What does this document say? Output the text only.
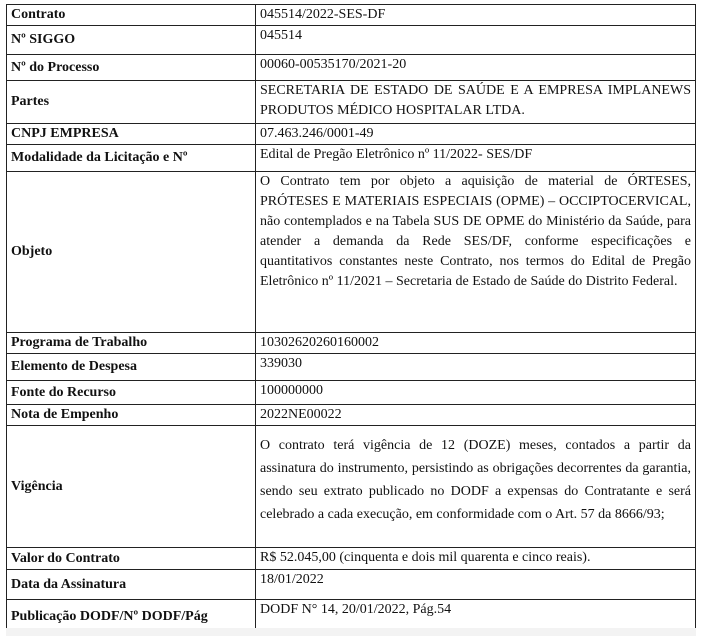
Contrato	045514/2022-SES-DF
Nº SIGGO	045514
Nº do Processo	00060-00535170/2021-20
Partes	SECRETARIA DE ESTADO DE SAÚDE E A EMPRESA IMPLANEWS PRODUTOS MÉDICO HOSPITALAR LTDA.
CNPJ EMPRESA	07.463.246/0001-49
Modalidade da Licitação e Nº	Edital de Pregão Eletrônico nº 11/2022- SES/DF
Objeto	O Contrato tem por objeto a aquisição de material de ÓRTESES, PRÓTESES E MATERIAIS ESPECIAIS (OPME) – OCCIPTOCERVICAL, não contemplados e na Tabela SUS DE OPME do Ministério da Saúde, para atender a demanda da Rede SES/DF, conforme especificações e quantitativos constantes neste Contrato, nos termos do Edital de Pregão Eletrônico nº 11/2021 – Secretaria de Estado de Saúde do Distrito Federal.
Programa de Trabalho	10302620260160002
Elemento de Despesa	339030
Fonte do Recurso	100000000
Nota de Empenho	2022NE00022
Vigência	O contrato terá vigência de 12 (DOZE) meses, contados a partir da assinatura do instrumento, persistindo as obrigações decorrentes da garantia, sendo seu extrato publicado no DODF a expensas do Contratante e será celebrado a cada execução, em conformidade com o Art. 57 da 8666/93;
Valor do Contrato	R$ 52.045,00 (cinquenta e dois mil quarenta e cinco reais).
Data da Assinatura	18/01/2022
Publicação DODF/Nº DODF/Pág	DODF N° 14, 20/01/2022, Pág.54
